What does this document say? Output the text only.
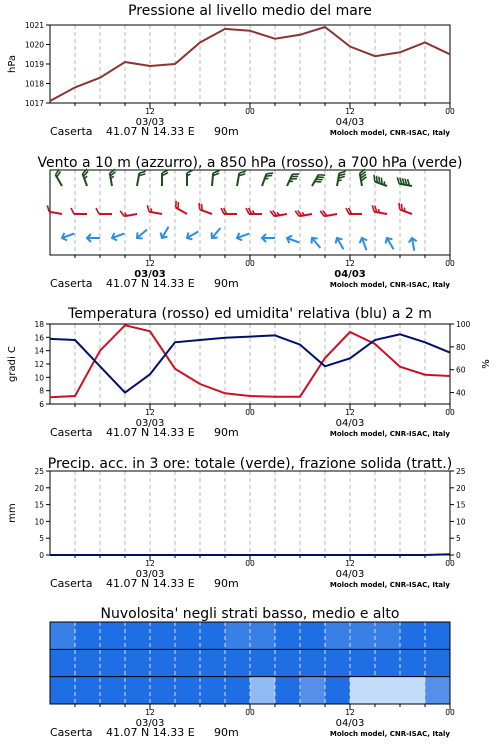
Pressione al livello medio del mare
12	00	12	00
03/03	04/03
Caserta 41.07 N 14.33 E 90m	Moloch model, CNR-ISAC, Italy
1017
1018
1019
1020
1021
hPa
Vento a 10 m (azzurro), a 850 hPa (rosso), a 700 hPa (verde)
12	00	12	00
03/03	04/03
Caserta 41.07 N 14.33 E 90m	Moloch model, CNR-ISAC, Italy
Temperatura (rosso) ed umidita' relativa (blu) a 2 m
12	00	12	00
03/03	04/03
Caserta 41.07 N 14.33 E 90m	Moloch model, CNR-ISAC, Italy
6
8
10
12
14
16
18
40
60
80
100
gradi C	%
Precip. acc. in 3 ore: totale (verde), frazione solida (tratt.)
12	00	12	00
03/03	04/03
Caserta 41.07 N 14.33 E 90m	Moloch model, CNR-ISAC, Italy
0
5
10
15
20
25
0
5
10
15
20
25
mm
Nuvolosita' negli strati basso, medio e alto
12	00	12	00
03/03	04/03
Caserta 41.07 N 14.33 E 90m	Moloch model, CNR-ISAC, Italy
